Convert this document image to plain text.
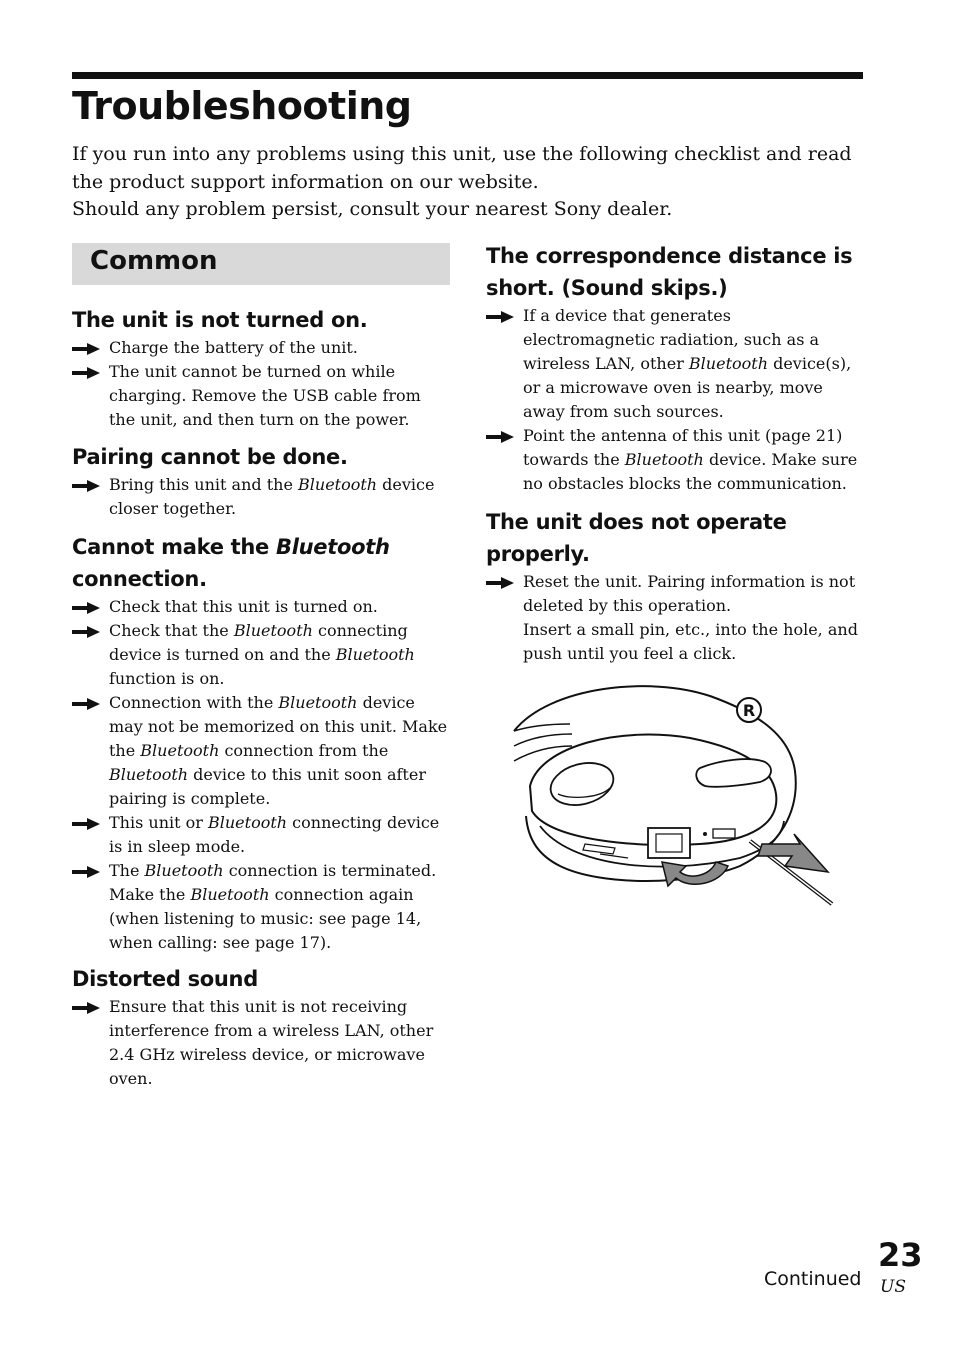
Troubleshooting

If you run into any problems using this unit, use the following checklist and read the product support information on our website.

Should any problem persist, consult your nearest Sony dealer.

Common
The unit is not turned on.
Charge the battery of the unit.
The unit cannot be turned on while charging. Remove the USB cable from the unit, and then turn on the power.
Pairing cannot be done.
Bring this unit and the Bluetooth device closer together.
Cannot make the Bluetooth
connection.
Check that this unit is turned on.
Check that the Bluetooth connecting device is turned on and the Bluetooth function is on.
Connection with the Bluetooth device may not be memorized on this unit. Make the Bluetooth connection from the Bluetooth device to this unit soon after pairing is complete.
This unit or Bluetooth connecting device is in sleep mode.
The Bluetooth connection is terminated. Make the Bluetooth connection again (when listening to music: see page 14, when calling: see page 17).
Distorted sound
Ensure that this unit is not receiving interference from a wireless LAN, other 2.4 GHz wireless device, or microwave oven.
The correspondence distance is short. (Sound skips.)
If a device that generates electromagnetic radiation, such as a wireless LAN, other Bluetooth device(s), or a microwave oven is nearby, move away from such sources.
Point the antenna of this unit (page 21) towards the Bluetooth device. Make sure no obstacles blocks the communication.
The unit does not operate properly.
Reset the unit. Pairing information is not deleted by this operation.
Insert a small pin, etc., into the hole, and push until you feel a click.
R
Continued
23
US
